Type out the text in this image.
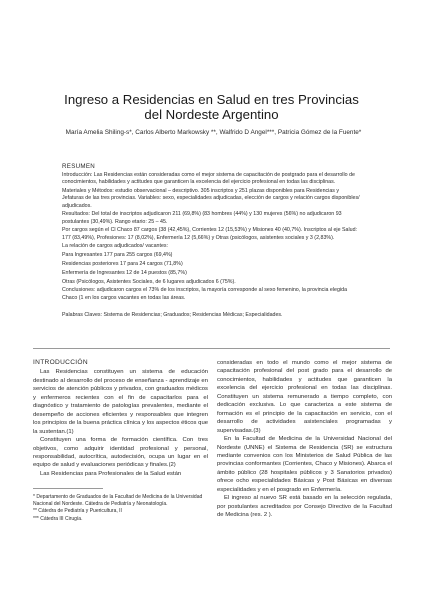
Ingreso a Residencias en Salud en tres Provincias
del Nordeste Argentino
María Amelia Shiling-s*, Carlos Alberto Markowsky **, Walfrido D Angel***, Patricia Gómez de la Fuente*
RESUMEN

Introducción: Las Residencias están consideradas como el mejor sistema de capacitación de postgrado para el desarrollo de conocimientos, habilidades y actitudes que garanticen la excelencia del ejercicio profesional en todas las disciplinas.

Materiales y Métodos: estudio observacional – descriptivo. 305 inscriptos y 251 plazas disponibles para Residencias y Jefaturas de las tres provincias. Variables: sexo, especialidades adjudicadas, elección de cargos y relación cargos disponibles/ adjudicados.

Resultados: Del total de inscriptos adjudicaron 211 (69,8%) (83 hombres (44%) y 130 mujeres (56%) no adjudicaron 93 postulantes (30,49%). Rango etario: 25 – 45.

Por cargos según el Cl Chaco 87 cargos (38 (42,45%), Corrientes 12 (15,53%) y Misiones 40 (40,7%). Inscriptos al eje Salud: 177 (83,49%), Profesiones: 17 (8,02%), Enfermería 12 (5,66%) y Otras (psicólogos, asistentes sociales y 3 (2,83%).

La relación de cargos adjudicados/ vacantes:

Para Ingresantes 177 para 255 cargos (69,4%)

Residencias posteriores 17 para 24 cargos (71,8%)

Enfermería de Ingresantes 12 de 14 puestos (85,7%)

Otras (Psicólogos, Asistentes Sociales, de 6 lugares adjudicados 6 (75%).

Conclusiones: adjudicaron cargos el 73% de los inscriptos, la mayoría corresponde al sexo femenino, la provincia elegida Chaco (1 en los cargos vacantes en todas las áreas.

Palabras Claves: Sistema de Residencias; Graduados; Residencias Médicas; Especialidades.

INTRODUCCIÓN

Las Residencias constituyen un sistema de educación destinado al desarrollo del proceso de enseñanza - aprendizaje en servicios de atención públicos y privados, con graduados médicos y enfermeros recientes con el fin de capacitarlos para el diagnóstico y tratamiento de patologías prevalentes, mediante el desempeño de acciones eficientes y responsables que integren los principios de la buena práctica clínica y los aspectos éticos que la sustentan.(1)

Constituyen una forma de formación científica. Con tres objetivos, como adquirir identidad profesional y personal, responsabilidad, autocrítica, autodecisión, ocupa un lugar en el equipo de salud y evaluaciones periódicas y finales.(2)

Las Residencias para Profesionales de la Salud están

* Departamento de Graduados de la Facultad de Medicina de la Universidad Nacional del Nordeste. Cátedra de Pediatría y Neonatología.

** Cátedra de Pediatría y Puericultura, II

*** Cátedra III Cirugía.

consideradas en todo el mundo como el mejor sistema de capacitación profesional del post grado para el desarrollo de conocimientos, habilidades y actitudes que garanticen la excelencia del ejercicio profesional en todas las disciplinas. Constituyen un sistema remunerado a tiempo completo, con dedicación exclusiva. Lo que caracteriza a este sistema de formación es el principio de la capacitación en servicio, con el desarrollo de actividades asistenciales programadas y supervisadas.(3)

En la Facultad de Medicina de la Universidad Nacional del Nordeste (UNNE) el Sistema de Residencia (SR) se estructura mediante convenios con los Ministerios de Salud Pública de las provincias conformantes (Corrientes, Chaco y Misiones). Abarca el ámbito público (28 hospitales públicos y 3 Sanatorios privados) ofrece ocho especialidades Básicas y Post Básicas en diversas especialidades y en el posgrado en Enfermería.

El ingreso al nuevo SR está basado en la selección regulada, por postulantes acreditados por Consejo Directivo de la Facultad de Medicina (res. 2 ).
